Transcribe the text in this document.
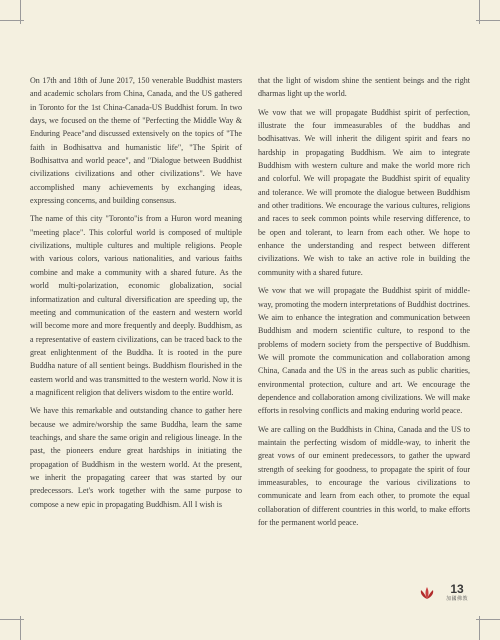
On 17th and 18th of June 2017, 150 venerable Buddhist masters and academic scholars from China, Canada, and the US gathered in Toronto for the 1st China-Canada-US Buddhist forum. In two days, we focused on the theme of "Perfecting the Middle Way & Enduring Peace"and discussed extensively on the topics of "The faith in Bodhisattva and humanistic life", "The Spirit of Bodhisattva and world peace", and "Dialogue between Buddhist civilizations civilizations and other civilizations". We have accomplished many achievements by exchanging ideas, expressing concerns, and building consensus.

The name of this city "Toronto"is from a Huron word meaning "meeting place". This colorful world is composed of multiple civilizations, multiple cultures and multiple religions. People with various colors, various nationalities, and various faiths combine and make a community with a shared future. As the world multi-polarization, economic globalization, social informatization and cultural diversification are speeding up, the meeting and communication of the eastern and western world will become more and more frequently and deeply. Buddhism, as a representative of eastern civilizations, can be traced back to the great enlightenment of the Buddha. It is rooted in the pure Buddha nature of all sentient beings. Buddhism flourished in the eastern world and was transmitted to the western world. Now it is a magnificent religion that delivers wisdom to the entire world.

We have this remarkable and outstanding chance to gather here because we admire/worship the same Buddha, learn the same teachings, and share the same origin and religious lineage. In the past, the pioneers endure great hardships in initiating the propagation of Buddhism in the western world. At the present, we inherit the propagating career that was started by our predecessors. Let's work together with the same purpose to compose a new epic in propagating Buddhism. All I wish is

that the light of wisdom shine the sentient beings and the right dharmas light up the world.

We vow that we will propagate Buddhist spirit of perfection, illustrate the four immeasurables of the buddhas and bodhisattvas. We will inherit the diligent spirit and fears no hardship in propagating Buddhism. We aim to integrate Buddhism with western culture and make the world more rich and colorful. We will propagate the Buddhist spirit of equality and tolerance. We will promote the dialogue between Buddhism and other traditions. We encourage the various cultures, religions and races to seek common points while reserving difference, to be open and tolerant, to learn from each other. We hope to enhance the understanding and respect between different civilizations. We wish to take an active role in building the community with a shared future.

We vow that we will propagate the Buddhist spirit of middle-way, promoting the modern interpretations of Buddhist doctrines. We aim to enhance the integration and communication between Buddhism and modern scientific culture, to respond to the problems of modern society from the perspective of Buddhism. We will promote the communication and collaboration among China, Canada and the US in the areas such as public charities, environmental protection, culture and art. We encourage the dependence and collaboration among civilizations. We will make efforts in resolving conflicts and making enduring world peace.

We are calling on the Buddhists in China, Canada and the US to maintain the perfecting wisdom of middle-way, to inherit the great vows of our eminent predecessors, to gather the upward strength of seeking for goodness, to propagate the spirit of four immeasurables, to encourage the various civilizations to communicate and learn from each other, to promote the equal collaboration of different countries in this world, to make efforts for the permanent world peace.

13
加國佛教
